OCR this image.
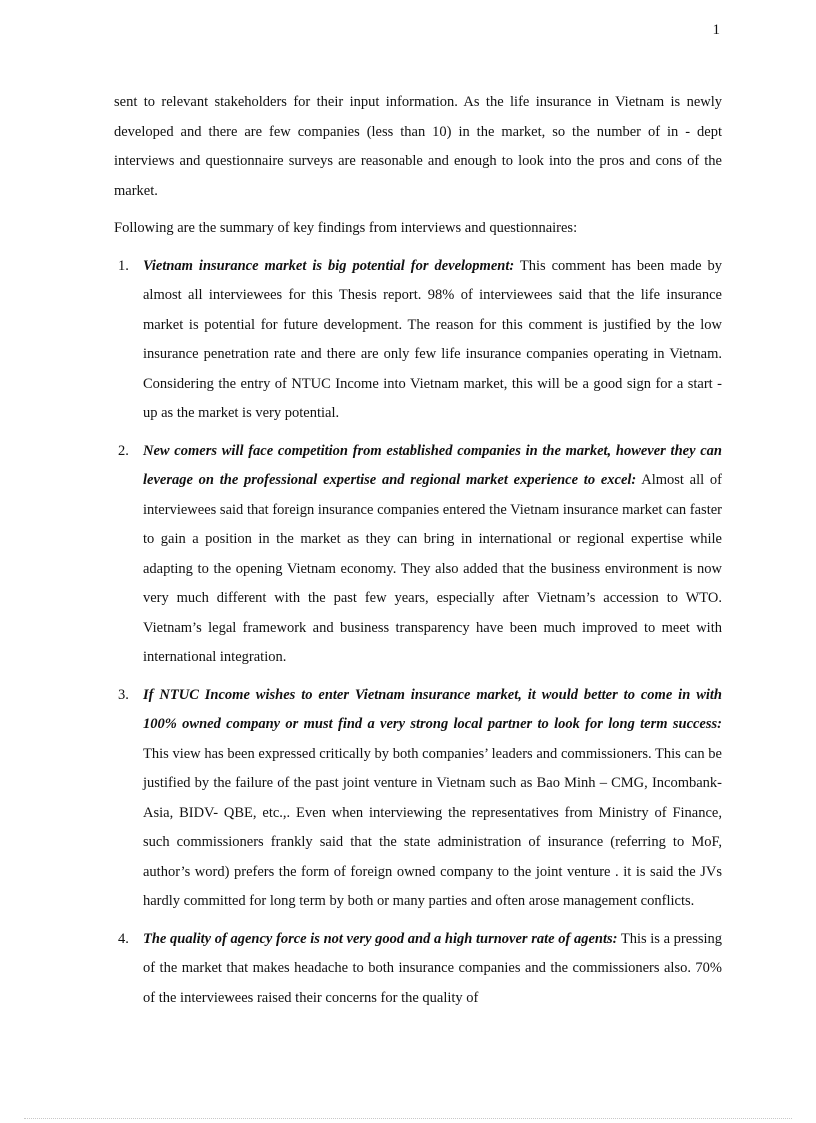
1

sent to relevant stakeholders for their input information. As the life insurance in Vietnam is newly developed and there are few companies (less than 10) in the market, so the number of in - dept interviews and questionnaire surveys are reasonable and enough to look into the pros and cons of the market.

Following are the summary of key findings from interviews and questionnaires:

1. Vietnam insurance market is big potential for development: This comment has been made by almost all interviewees for this Thesis report. 98% of interviewees said that the life insurance market is potential for future development. The reason for this comment is justified by the low insurance penetration rate and there are only few life insurance companies operating in Vietnam. Considering the entry of NTUC Income into Vietnam market, this will be a good sign for a start - up as the market is very potential.
2. New comers will face competition from established companies in the market, however they can leverage on the professional expertise and regional market experience to excel: Almost all of interviewees said that foreign insurance companies entered the Vietnam insurance market can faster to gain a position in the market as they can bring in international or regional expertise while adapting to the opening Vietnam economy. They also added that the business environment is now very much different with the past few years, especially after Vietnam’s accession to WTO. Vietnam’s legal framework and business transparency have been much improved to meet with international integration.
3. If NTUC Income wishes to enter Vietnam insurance market, it would better to come in with 100% owned company or must find a very strong local partner to look for long term success: This view has been expressed critically by both companies’ leaders and commissioners. This can be justified by the failure of the past joint venture in Vietnam such as Bao Minh – CMG, Incombank-Asia, BIDV- QBE, etc.,. Even when interviewing the representatives from Ministry of Finance, such commissioners frankly said that the state administration of insurance (referring to MoF, author’s word) prefers the form of foreign owned company to the joint venture . it is said the JVs hardly committed for long term by both or many parties and often arose management conflicts.
4. The quality of agency force is not very good and a high turnover rate of agents: This is a pressing of the market that makes headache to both insurance companies and the commissioners also. 70% of the interviewees raised their concerns for the quality of
